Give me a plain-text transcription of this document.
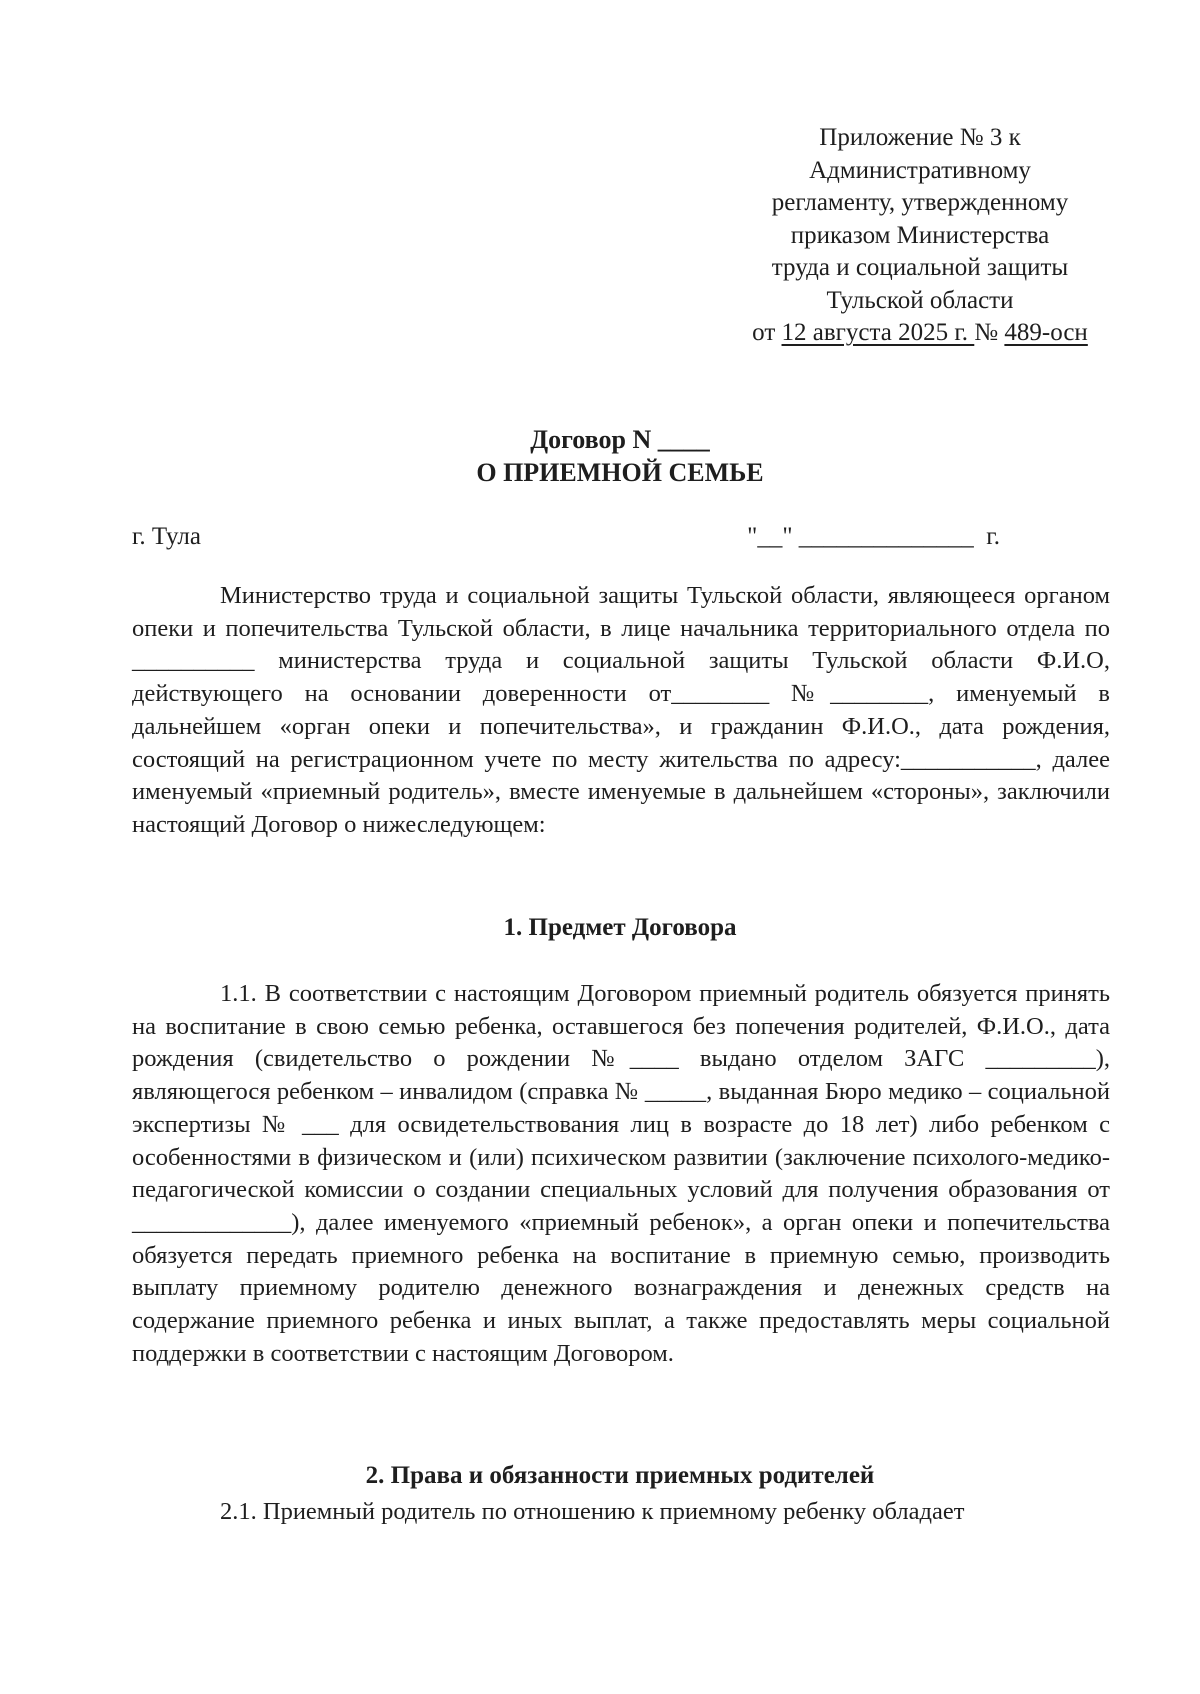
Приложение № 3 к
Административному
регламенту, утвержденному
приказом Министерства
труда и социальной защиты
Тульской области
от 12 августа 2025 г. № 489-осн
Договор N ____
О ПРИЕМНОЙ СЕМЬЕ
г. Тула	"__" ______________  г.
Министерство труда и социальной защиты Тульской области, являющееся органом опеки и попечительства Тульской области, в лице начальника территориального отдела по __________ министерства труда и социальной защиты Тульской области Ф.И.О, действующего на основании доверенности от________ №________, именуемый в дальнейшем «орган опеки и попечительства», и гражданин Ф.И.О., дата рождения, состоящий на регистрационном учете по месту жительства по адресу:___________, далее именуемый «приемный родитель», вместе именуемые в дальнейшем «стороны», заключили настоящий Договор о нижеследующем:
1. Предмет Договора
1.1. В соответствии с настоящим Договором приемный родитель обязуется принять на воспитание в свою семью ребенка, оставшегося без попечения родителей, Ф.И.О., дата рождения (свидетельство о рождении №____ выдано отделом ЗАГС _________), являющегося ребенком – инвалидом (справка № _____, выданная Бюро медико – социальной экспертизы № ___ для освидетельствования лиц в возрасте до 18 лет) либо ребенком с особенностями в физическом и (или) психическом развитии (заключение психолого-медико-педагогической комиссии о создании специальных условий для получения образования от _____________), далее именуемого «приемный ребенок», а орган опеки и попечительства обязуется передать приемного ребенка на воспитание в приемную семью, производить выплату приемному родителю денежного вознаграждения и денежных средств на содержание приемного ребенка и иных выплат, а также предоставлять меры социальной поддержки в соответствии с настоящим Договором.
2. Права и обязанности приемных родителей
2.1. Приемный родитель по отношению к приемному ребенку обладает
